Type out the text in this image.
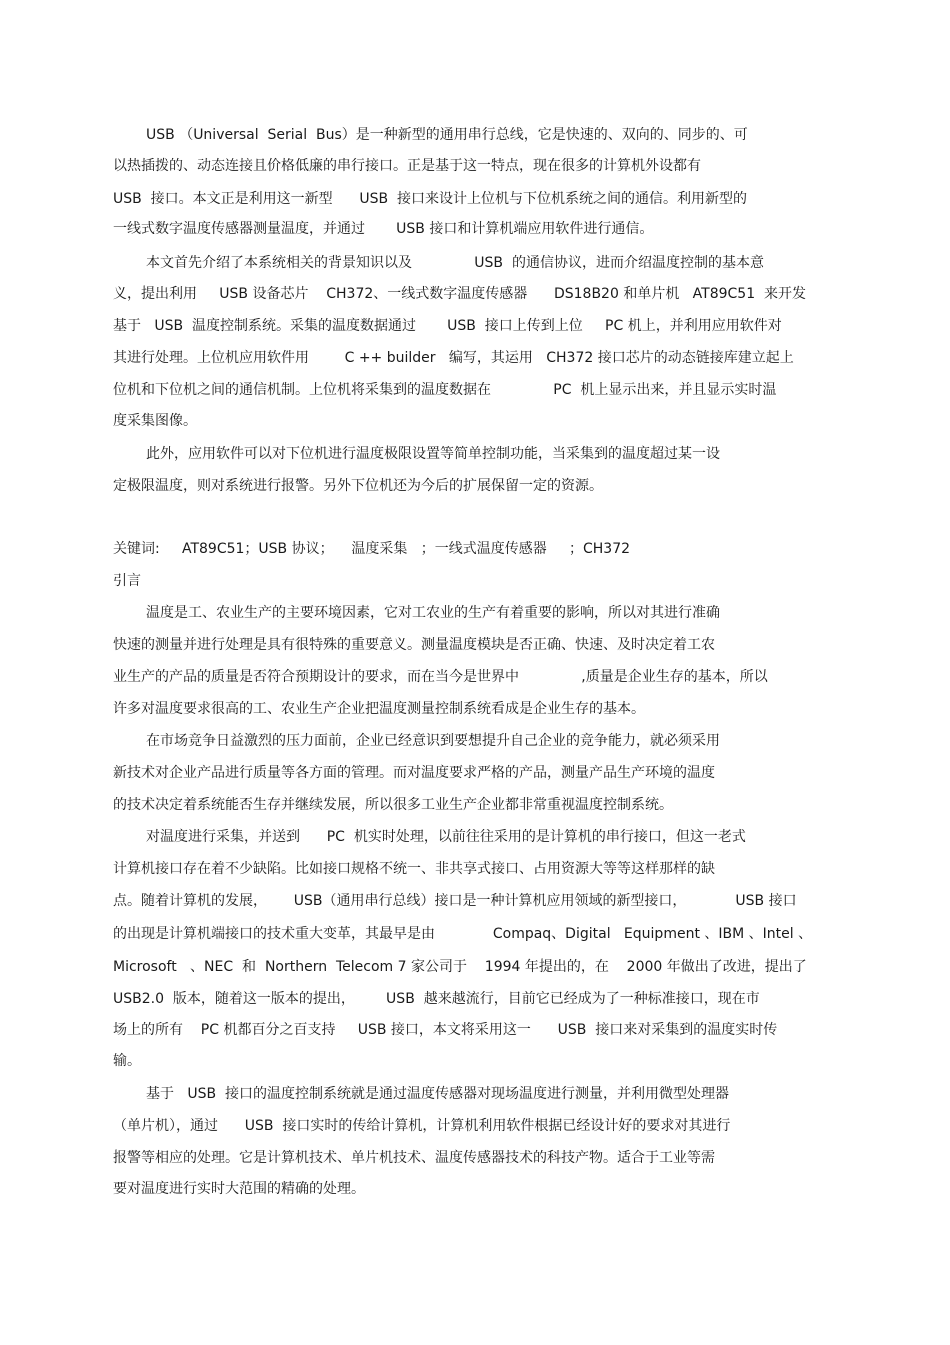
USB （Universal  Serial  Bus）是一种新型的通用串行总线，它是快速的、双向的、同步的、可
以热插拨的、动态连接且价格低廉的串行接口。正是基于这一特点，现在很多的计算机外设都有
USB  接口。本文正是利用这一新型      USB  接口来设计上位机与下位机系统之间的通信。利用新型的
一线式数字温度传感器测量温度，并通过       USB 接口和计算机端应用软件进行通信。
本文首先介绍了本系统相关的背景知识以及              USB  的通信协议，进而介绍温度控制的基本意
义，提出利用     USB 设备芯片    CH372、一线式数字温度传感器      DS18B20 和单片机   AT89C51  来开发
基于   USB  温度控制系统。采集的温度数据通过       USB  接口上传到上位     PC 机上，并利用应用软件对
其进行处理。上位机应用软件用        C ++ builder   编写，其运用   CH372 接口芯片的动态链接库建立起上
位机和下位机之间的通信机制。上位机将采集到的温度数据在              PC  机上显示出来，并且显示实时温
度采集图像。
此外，应用软件可以对下位机进行温度极限设置等简单控制功能，当采集到的温度超过某一设
定极限温度，则对系统进行报警。另外下位机还为今后的扩展保留一定的资源。
关键词:     AT89C51；USB 协议；    温度采集   ；一线式温度传感器     ；CH372
引言
温度是工、农业生产的主要环境因素，它对工农业的生产有着重要的影响，所以对其进行准确
快速的测量并进行处理是具有很特殊的重要意义。测量温度模块是否正确、快速、及时决定着工农
业生产的产品的质量是否符合预期设计的要求，而在当今是世界中              ,质量是企业生存的基本，所以
许多对温度要求很高的工、农业生产企业把温度测量控制系统看成是企业生存的基本。
在市场竞争日益激烈的压力面前，企业已经意识到要想提升自己企业的竞争能力，就必须采用
新技术对企业产品进行质量等各方面的管理。而对温度要求严格的产品，测量产品生产环境的温度
的技术决定着系统能否生存并继续发展，所以很多工业生产企业都非常重视温度控制系统。
对温度进行采集，并送到      PC  机实时处理，以前往往采用的是计算机的串行接口，但这一老式
计算机接口存在着不少缺陷。比如接口规格不统一、非共享式接口、占用资源大等等这样那样的缺
点。随着计算机的发展，      USB（通用串行总线）接口是一种计算机应用领域的新型接口，           USB 接口
的出现是计算机端接口的技术重大变革，其最早是由             Compaq、Digital   Equipment 、IBM 、Intel 、
Microsoft   、NEC  和  Northern  Telecom 7 家公司于    1994 年提出的，在    2000 年做出了改进，提出了
USB2.0  版本，随着这一版本的提出，       USB  越来越流行，目前它已经成为了一种标准接口，现在市
场上的所有    PC 机都百分之百支持     USB 接口，本文将采用这一      USB  接口来对采集到的温度实时传
输。
基于   USB  接口的温度控制系统就是通过温度传感器对现场温度进行测量，并利用微型处理器
（单片机），通过      USB  接口实时的传给计算机，计算机利用软件根据已经设计好的要求对其进行
报警等相应的处理。它是计算机技术、单片机技术、温度传感器技术的科技产物。适合于工业等需
要对温度进行实时大范围的精确的处理。
